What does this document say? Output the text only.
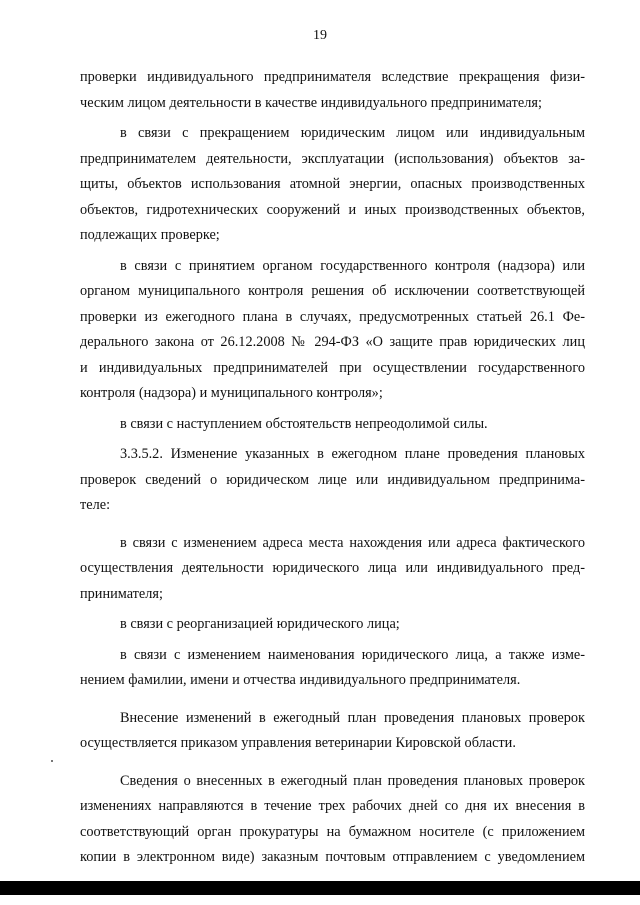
19
проверки индивидуального предпринимателя вследствие прекращения физи-
ческим лицом деятельности в качестве индивидуального предпринимателя;
в связи с прекращением юридическим лицом или индивидуальным
предпринимателем деятельности, эксплуатации (использования) объектов за-
щиты, объектов использования атомной энергии, опасных производственных
объектов, гидротехнических сооружений и иных производственных объектов,
подлежащих проверке;
в связи с принятием органом государственного контроля (надзора) или
органом муниципального контроля решения об исключении соответствующей
проверки из ежегодного плана в случаях, предусмотренных статьей 26.1 Фе-
дерального закона от 26.12.2008 № 294-ФЗ «О защите прав юридических лиц
и индивидуальных предпринимателей при осуществлении государственного
контроля (надзора) и муниципального контроля»;
в связи с наступлением обстоятельств непреодолимой силы.
3.3.5.2. Изменение указанных в ежегодном плане проведения плановых
проверок сведений о юридическом лице или индивидуальном предпринима-
теле:
в связи с изменением адреса места нахождения или адреса фактического
осуществления деятельности юридического лица или индивидуального пред-
принимателя;
в связи с реорганизацией юридического лица;
в связи с изменением наименования юридического лица, а также изме-
нением фамилии, имени и отчества индивидуального предпринимателя.
Внесение изменений в ежегодный план проведения плановых проверок
осуществляется приказом управления ветеринарии Кировской области.
Сведения о внесенных в ежегодный план проведения плановых проверок
изменениях направляются в течение трех рабочих дней со дня их внесения в
соответствующий орган прокуратуры на бумажном носителе (с приложением
копии в электронном виде) заказным почтовым отправлением с уведомлением
